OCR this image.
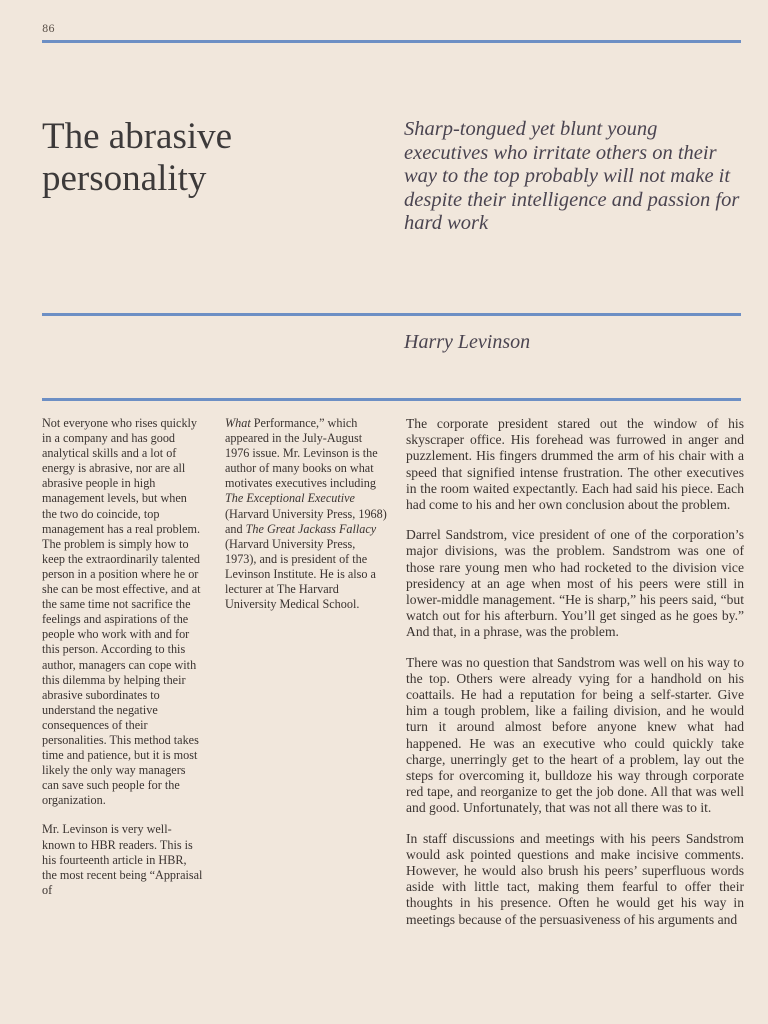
86
The abrasive personality
Sharp-tongued yet blunt young executives who irritate others on their way to the top probably will not make it despite their intelligence and passion for hard work
Harry Levinson

Not everyone who rises quickly in a company and has good analytical skills and a lot of energy is abrasive, nor are all abrasive people in high management levels, but when the two do coincide, top management has a real problem. The problem is simply how to keep the extraordinarily talented person in a position where he or she can be most effective, and at the same time not sacrifice the feelings and aspirations of the people who work with and for this person. According to this author, managers can cope with this dilemma by helping their abrasive subordinates to understand the negative consequences of their personalities. This method takes time and patience, but it is most likely the only way managers can save such people for the organization.

Mr. Levinson is very well-known to HBR readers. This is his fourteenth article in HBR, the most recent being “Appraisal of

What Performance,” which appeared in the July-August 1976 issue. Mr. Levinson is the author of many books on what motivates executives including The Exceptional Executive (Harvard University Press, 1968) and The Great Jackass Fallacy (Harvard University Press, 1973), and is president of the Levinson Institute. He is also a lecturer at The Harvard University Medical School.

The corporate president stared out the window of his skyscraper office. His forehead was furrowed in anger and puzzlement. His fingers drummed the arm of his chair with a speed that signified intense frustration. The other executives in the room waited expectantly. Each had said his piece. Each had come to his and her own conclusion about the problem.

Darrel Sandstrom, vice president of one of the corporation’s major divisions, was the problem. Sandstrom was one of those rare young men who had rocketed to the division vice presidency at an age when most of his peers were still in lower-middle management. “He is sharp,” his peers said, “but watch out for his afterburn. You’ll get singed as he goes by.” And that, in a phrase, was the problem.

There was no question that Sandstrom was well on his way to the top. Others were already vying for a handhold on his coattails. He had a reputation for being a self-starter. Give him a tough problem, like a failing division, and he would turn it around almost before anyone knew what had happened. He was an executive who could quickly take charge, unerringly get to the heart of a problem, lay out the steps for overcoming it, bulldoze his way through corporate red tape, and reorganize to get the job done. All that was well and good. Unfortunately, that was not all there was to it.

In staff discussions and meetings with his peers Sandstrom would ask pointed questions and make incisive comments. However, he would also brush his peers’ superfluous words aside with little tact, making them fearful to offer their thoughts in his presence. Often he would get his way in meetings because of the persuasiveness of his arguments and
